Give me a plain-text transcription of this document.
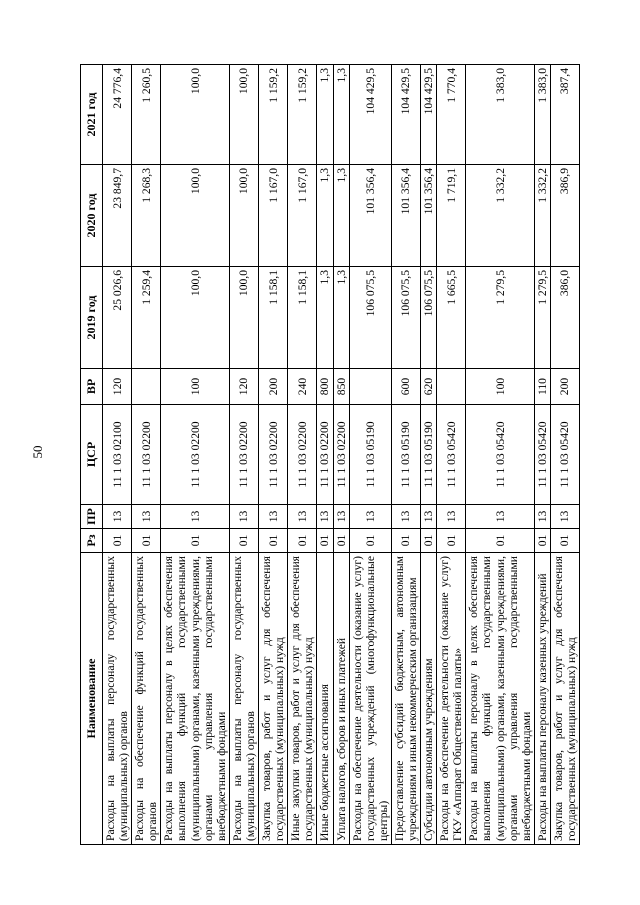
50
Наименование	Рз	ПР	ЦСР	ВР	2019 год	2020 год	2021 год
Расходы на выплаты персоналу государственных (муниципальных) органов	01	13	11 1 03 02100	120	25 026,6	23 849,7	24 776,4
Расходы на обеспечение функций государственных органов	01	13	11 1 03 02200		1 259,4	1 268,3	1 260,5
Расходы на выплаты персоналу в целях обеспечения выполнения функций государственными (муниципальными) органами, казенными учреждениями, органами управления государственными внебюджетными фондами	01	13	11 1 03 02200	100	100,0	100,0	100,0
Расходы на выплаты персоналу государственных (муниципальных) органов	01	13	11 1 03 02200	120	100,0	100,0	100,0
Закупка товаров, работ и услуг для обеспечения государственных (муниципальных) нужд	01	13	11 1 03 02200	200	1 158,1	1 167,0	1 159,2
Иные закупки товаров, работ и услуг для обеспечения государственных (муниципальных) нужд	01	13	11 1 03 02200	240	1 158,1	1 167,0	1 159,2
Иные бюджетные ассигнования	01	13	11 1 03 02200	800	1,3	1,3	1,3
Уплата налогов, сборов и иных платежей	01	13	11 1 03 02200	850	1,3	1,3	1,3
Расходы на обеспечение деятельности (оказание услуг) государственных учреждений (многофункциональные центры)	01	13	11 1 03 05190		106 075,5	101 356,4	104 429,5
Предоставление субсидий бюджетным, автономным учреждениям и иным некоммерческим организациям	01	13	11 1 03 05190	600	106 075,5	101 356,4	104 429,5
Субсидии автономным учреждениям	01	13	11 1 03 05190	620	106 075,5	101 356,4	104 429,5
Расходы на обеспечение деятельности (оказание услуг) ГКУ «Аппарат Общественной палаты»	01	13	11 1 03 05420		1 665,5	1 719,1	1 770,4
Расходы на выплаты персоналу в целях обеспечения выполнения функций государственными (муниципальными) органами, казенными учреждениями, органами управления государственными внебюджетными фондами	01	13	11 1 03 05420	100	1 279,5	1 332,2	1 383,0
Расходы на выплаты персоналу казенных учреждений	01	13	11 1 03 05420	110	1 279,5	1 332,2	1 383,0
Закупка товаров, работ и услуг для обеспечения государственных (муниципальных) нужд	01	13	11 1 03 05420	200	386,0	386,9	387,4
